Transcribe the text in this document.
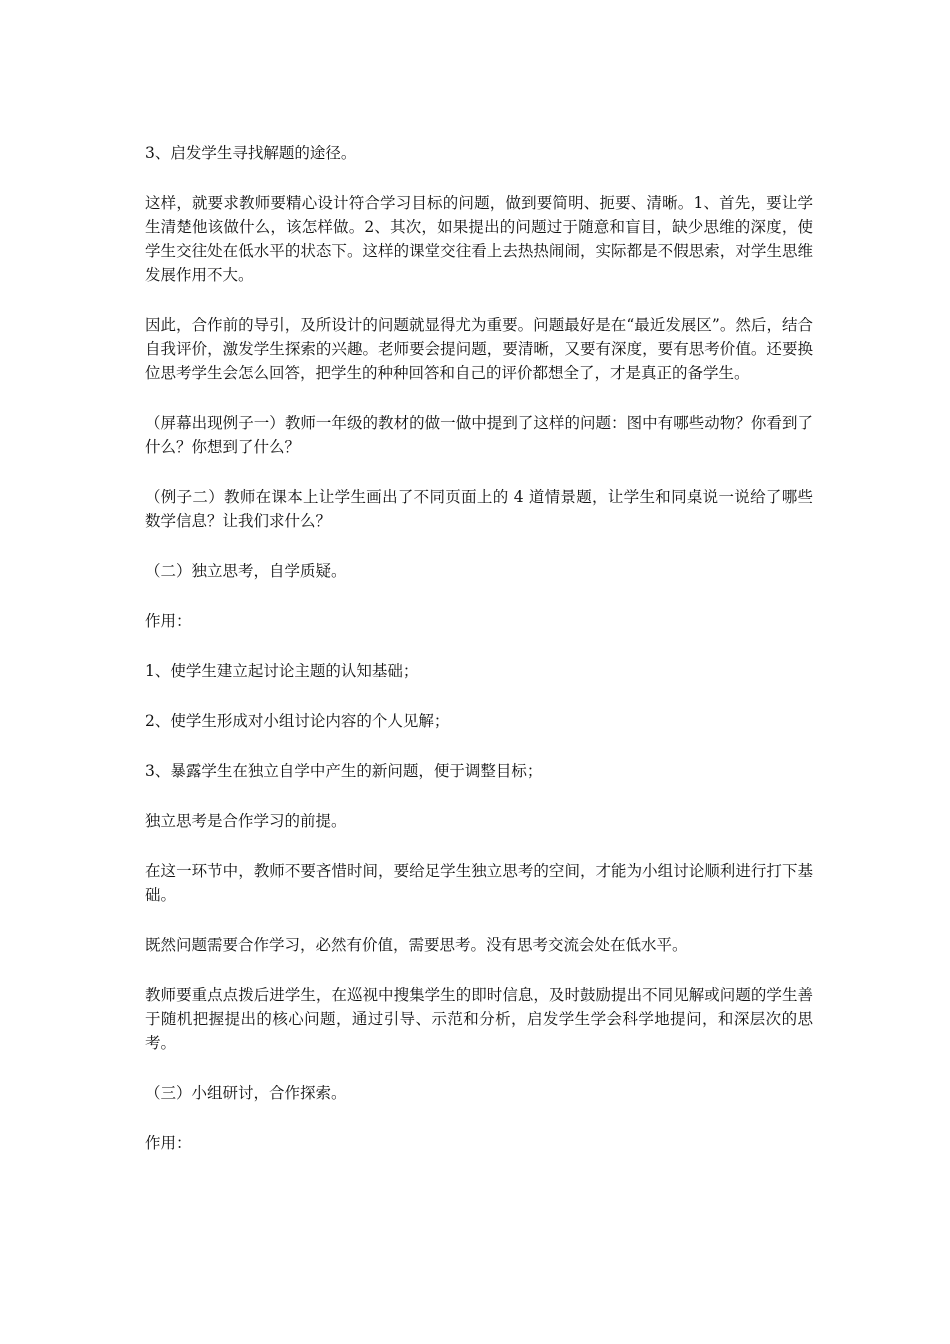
3、启发学生寻找解题的途径。

这样，就要求教师要精心设计符合学习目标的问题，做到要简明、扼要、清晰。1、首先，要让学生清楚他该做什么，该怎样做。2、其次，如果提出的问题过于随意和盲目，缺少思维的深度，使学生交往处在低水平的状态下。这样的课堂交往看上去热热闹闹，实际都是不假思索，对学生思维发展作用不大。

因此，合作前的导引，及所设计的问题就显得尤为重要。问题最好是在“最近发展区”。然后，结合自我评价，激发学生探索的兴趣。老师要会提问题，要清晰，又要有深度，要有思考价值。还要换位思考学生会怎么回答，把学生的种种回答和自己的评价都想全了，才是真正的备学生。

（屏幕出现例子一）教师一年级的教材的做一做中提到了这样的问题：图中有哪些动物？你看到了什么？你想到了什么？

（例子二）教师在课本上让学生画出了不同页面上的 4 道情景题，让学生和同桌说一说给了哪些数学信息？让我们求什么？

（二）独立思考，自学质疑。

作用：

1、使学生建立起讨论主题的认知基础；

2、使学生形成对小组讨论内容的个人见解；

3、暴露学生在独立自学中产生的新问题，便于调整目标；

独立思考是合作学习的前提。

在这一环节中，教师不要吝惜时间，要给足学生独立思考的空间，才能为小组讨论顺利进行打下基础。

既然问题需要合作学习，必然有价值，需要思考。没有思考交流会处在低水平。

教师要重点点拨后进学生，在巡视中搜集学生的即时信息，及时鼓励提出不同见解或问题的学生善于随机把握提出的核心问题，通过引导、示范和分析，启发学生学会科学地提问，和深层次的思考。

（三）小组研讨，合作探索。

作用：
